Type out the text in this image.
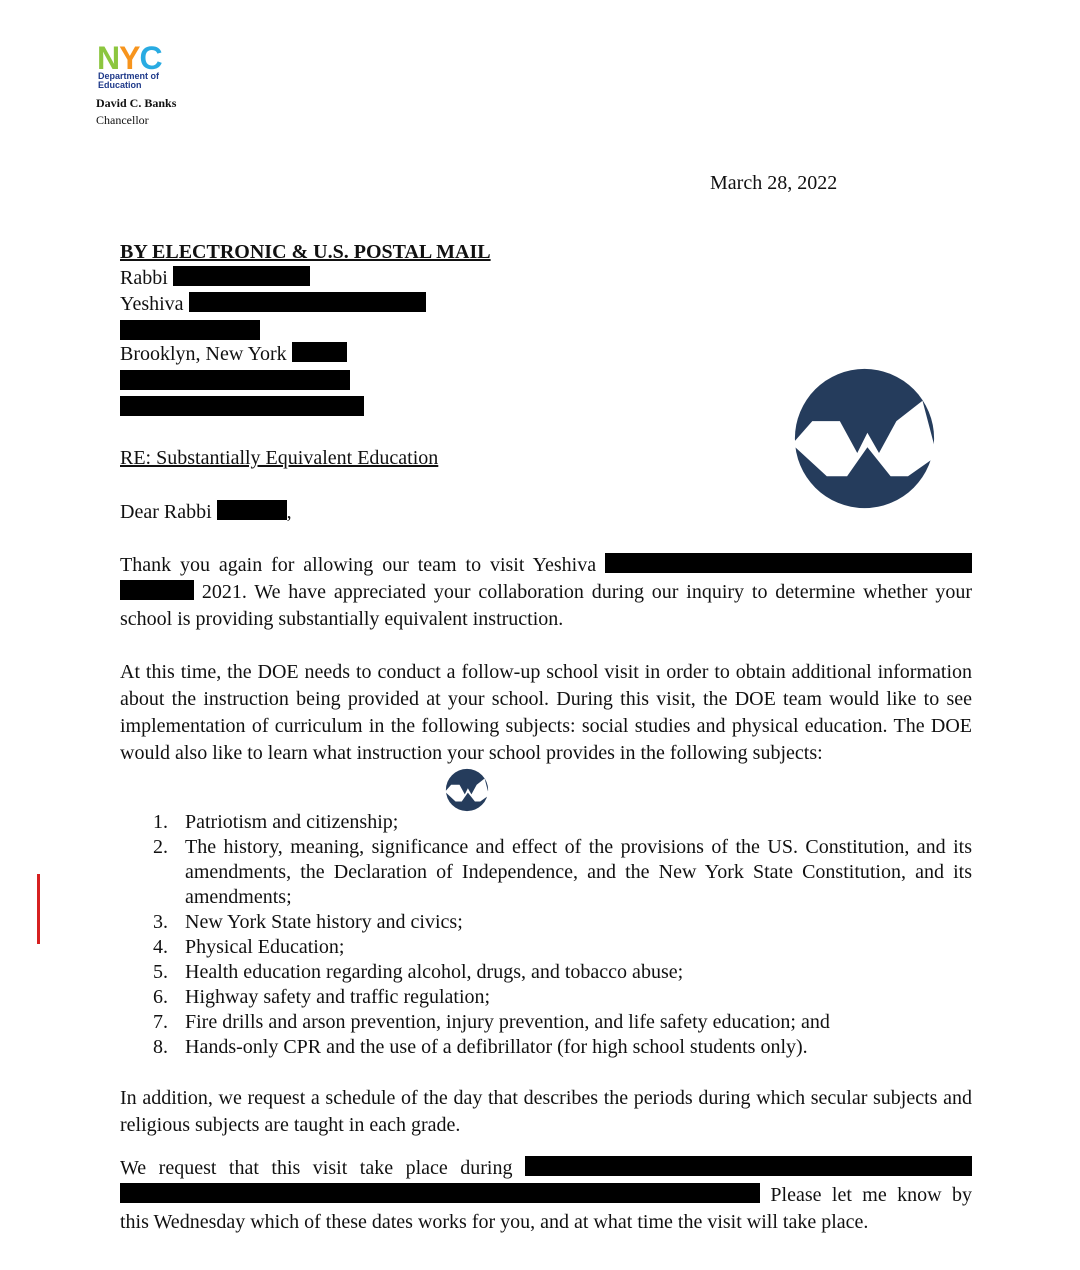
N Y C
Department of
Education
David C. Banks
Chancellor
March 28, 2022
BY ELECTRONIC & U.S. POSTAL MAIL
Rabbi
Yeshiva
Brooklyn, New York
RE: Substantially Equivalent Education
Dear Rabbi	,
Thank you again for allowing our team to visit Yeshiva   2021. We have appreciated your collaboration during our inquiry to determine whether your school is providing substantially equivalent instruction.
At this time, the DOE needs to conduct a follow-up school visit in order to obtain additional information about the instruction being provided at your school. During this visit, the DOE team would like to see implementation of curriculum in the following subjects: social studies and physical education. The DOE would also like to learn what instruction your school provides in the following subjects:
1. Patriotism and citizenship;
2. The history, meaning, significance and effect of the provisions of the US. Constitution, and its amendments, the Declaration of Independence, and the New York State Constitution, and its amendments;
3. New York State history and civics;
4. Physical Education;
5. Health education regarding alcohol, drugs, and tobacco abuse;
6. Highway safety and traffic regulation;
7. Fire drills and arson prevention, injury prevention, and life safety education; and
8. Hands-only CPR and the use of a defibrillator (for high school students only).
In addition, we request a schedule of the day that describes the periods during which secular subjects and religious subjects are taught in each grade.
We request that this visit take place during   Please let me know by this Wednesday which of these dates works for you, and at what time the visit will take place.
